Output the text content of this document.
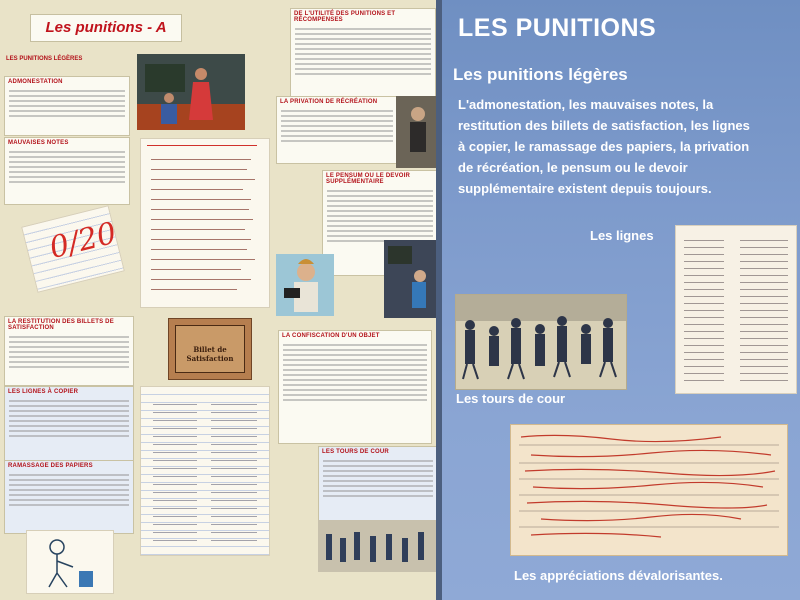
Les punitions - A
LES PUNITIONS LÉGÈRES
ADMONESTATION
MAUVAISES NOTES
0/20
LA RESTITUTION DES BILLETS DE SATISFACTION
LES LIGNES À COPIER
RAMASSAGE DES PAPIERS
DE L'UTILITÉ DES PUNITIONS ET RÉCOMPENSES
LA PRIVATION DE RÉCRÉATION
LE PENSUM OU LE DEVOIR SUPPLÉMENTAIRE
Billet de Satisfaction
LA CONFISCATION D'UN OBJET
LES TOURS DE COUR
LES PUNITIONS
Les punitions légères
L'admonestation, les mauvaises notes, la restitution des billets de satisfaction, les lignes à copier, le ramassage des papiers, la privation de récréation, le pensum ou le devoir supplémentaire existent depuis toujours.
Les lignes
Les tours de cour
Les appréciations dévalorisantes.
